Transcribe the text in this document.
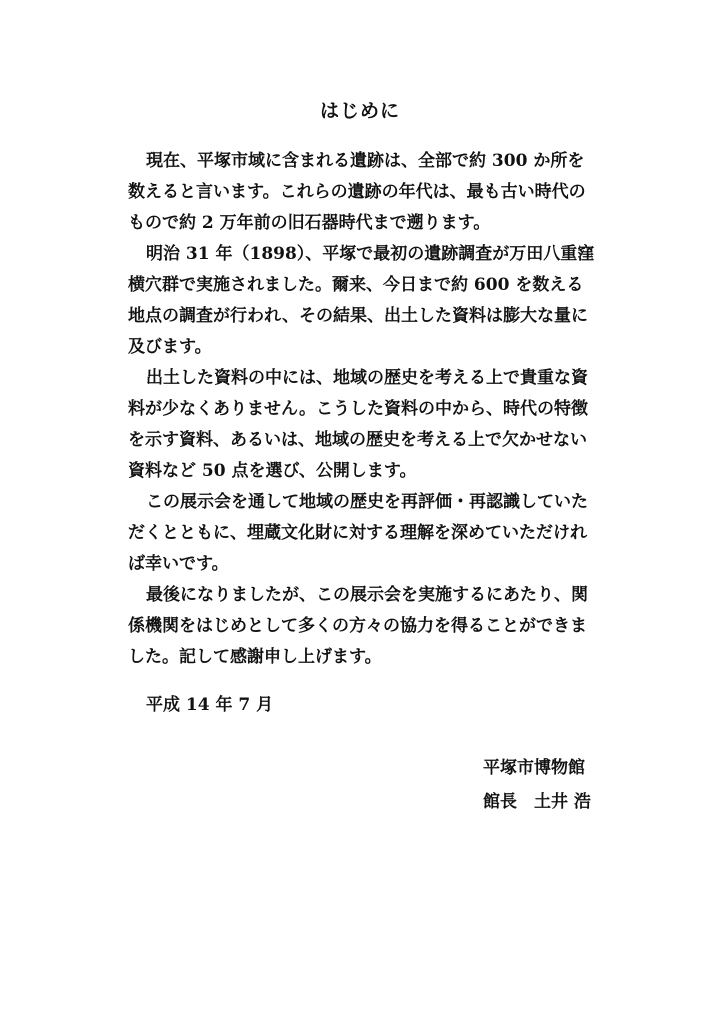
はじめに
現在、平塚市域に含まれる遺跡は、全部で約 300 か所を
数えると言います。これらの遺跡の年代は、最も古い時代の
もので約 2 万年前の旧石器時代まで遡ります。
明治 31 年（1898）、平塚で最初の遺跡調査が万田八重窪
横穴群で実施されました。爾来、今日まで約 600 を数える
地点の調査が行われ、その結果、出土した資料は膨大な量に
及びます。
出土した資料の中には、地域の歴史を考える上で貴重な資
料が少なくありません。こうした資料の中から、時代の特徴
を示す資料、あるいは、地域の歴史を考える上で欠かせない
資料など 50 点を選び、公開します。
この展示会を通して地域の歴史を再評価・再認識していた
だくとともに、埋蔵文化財に対する理解を深めていただけれ
ば幸いです。
最後になりましたが、この展示会を実施するにあたり、関
係機関をはじめとして多くの方々の協力を得ることができま
した。記して感謝申し上げます。
平成 14 年 7 月
平塚市博物館
館長　土井 浩
